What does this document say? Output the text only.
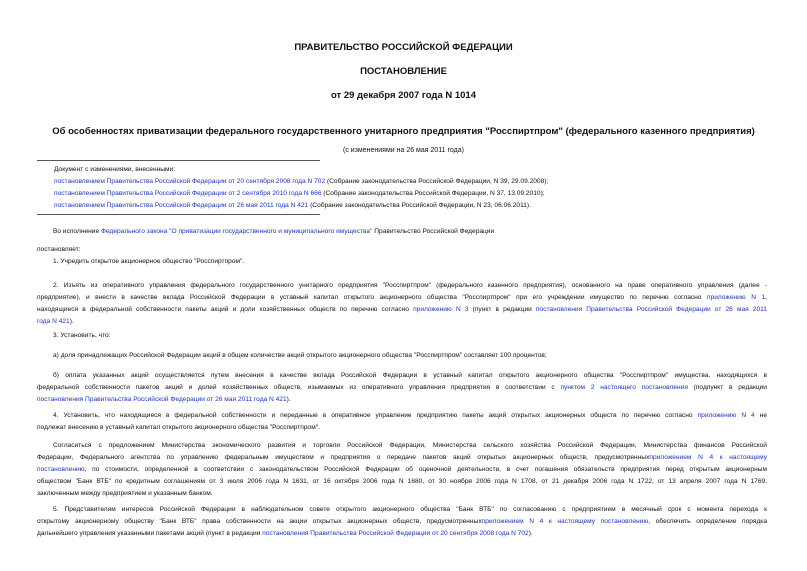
ПРАВИТЕЛЬСТВО РОССИЙСКОЙ ФЕДЕРАЦИИ
ПОСТАНОВЛЕНИЕ
от 29 декабря 2007 года N 1014
Об особенностях приватизации федерального государственного унитарного предприятия "Росспиртпром" (федерального казенного предприятия)
(с изменениями на 26 мая 2011 года)
Документ с изменениями, внесенными:
постановлением Правительства Российской Федерации от 20 сентября 2008 года N 702 (Собрание законодательства Российской Федерации, N 39, 29.09.2008);
постановлением Правительства Российской Федерации от 2 сентября 2010 года N 666 (Собрание законодательства Российской Федерации, N 37, 13.09.2010);
постановлением Правительства Российской Федерации от 26 мая 2011 года N 421 (Собрание законодательства Российской Федерации, N 23, 06.06.2011).
Во исполнение Федерального закона "О приватизации государственного и муниципального имущества" Правительство Российской Федерации
постановляет:
1. Учредить открытое акционерное общество "Росспиртпром".
2. Изъять из оперативного управления федерального государственного унитарного предприятия "Росспиртпром" (федерального казенного предприятия), основанного на праве оперативного управления (далее -
предприятие), и внести в качестве вклада Российской Федерации в уставный капитал открытого акционерного общества "Росспиртпром" при его учреждении имущество по перечню согласно приложению N 1,
находящиеся в федеральной собственности пакеты акций и доли хозяйственных обществ по перечню согласно приложению N 3 (пункт в редакции постановления Правительства Российской Федерации от 26 мая 2011
года N 421).
3. Установить, что:
а) доля принадлежащих Российской Федерации акций в общем количестве акций открытого акционерного общества "Росспиртпром" составляет 100 процентов;
б) оплата указанных акций осуществляется путем внесения в качестве вклада Российской Федерации в уставный капитал открытого акционерного общества "Росспиртпром" имущества, находящихся в
федеральной собственности пакетов акций и долей хозяйственных обществ, изымаемых из оперативного управления предприятия в соответствии с пунктом 2 настоящего постановления (подпункт в редакции
постановления Правительства Российской Федерации от 26 мая 2011 года N 421).
4. Установить, что находящиеся в федеральной собственности и переданные в оперативное управление предприятию пакеты акций открытых акционерных обществ по перечню согласно приложению N 4 не
подлежат внесению в уставный капитал открытого акционерного общества "Росспиртпром".
Согласиться с предложением Министерства экономического развития и торговли Российской Федерации, Министерства сельского хозяйства Российской Федерации, Министерства финансов Российской
Федерации, Федерального агентства по управлению федеральным имуществом и предприятия о передаче пакетов акций открытых акционерных обществ, предусмотренныхприложением N 4 к настоящему
постановлению, по стоимости, определенной в соответствии с законодательством Российской Федерации об оценочной деятельности, в счет погашения обязательств предприятия перед открытым акционерным
обществом "Банк ВТБ" по кредитным соглашениям от 3 июля 2006 года N 1631, от 16 октября 2006 года N 1680, от 30 ноября 2006 года N 1708, от 21 декабря 2006 года N 1722, от 13 апреля 2007 года N 1769,
заключенным между предприятием и указанным банком.
5. Представителям интересов Российской Федерации в наблюдательном совете открытого акционерного общества "Банк ВТБ" по согласованию с предприятием в месячный срок с момента перехода к
открытому акционерному обществу "Банк ВТБ" права собственности на акции открытых акционерных обществ, предусмотренныхприложением N 4 к настоящему постановлению, обеспечить определение порядка
дальнейшего управления указанными пакетами акций (пункт в редакции постановления Правительства Российской Федерации от 20 сентября 2008 года N 702).
